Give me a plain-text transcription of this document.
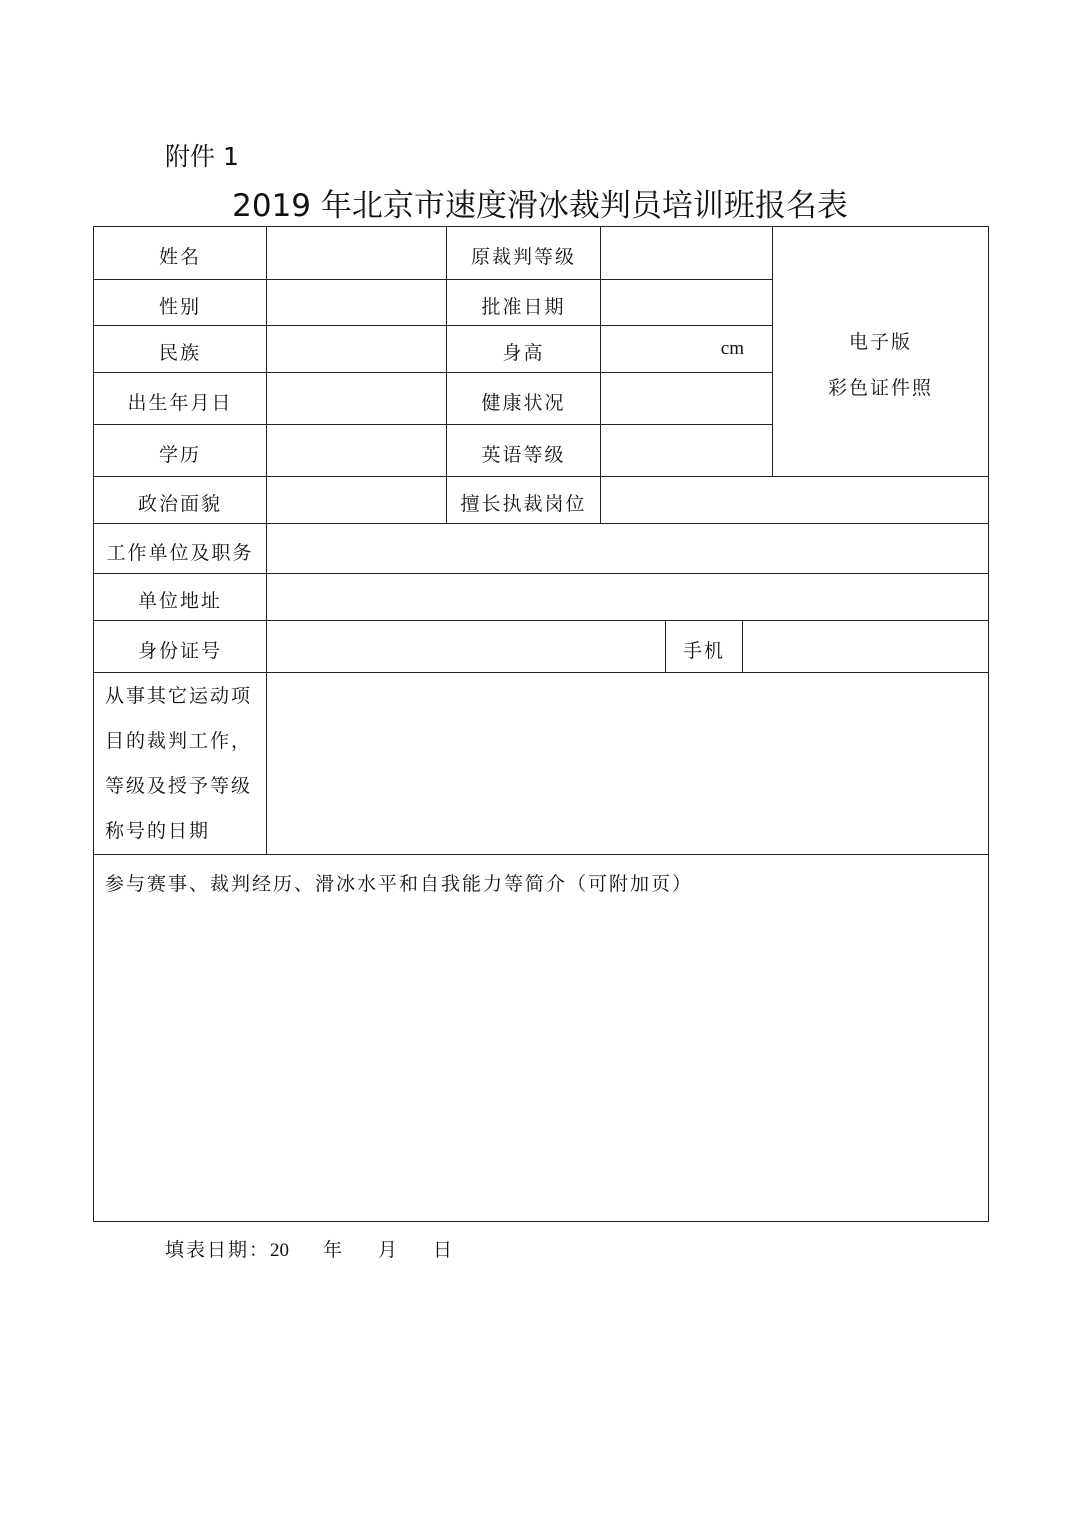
附件 1
2019 年北京市速度滑冰裁判员培训班报名表
姓名		原裁判等级				电子版
彩色证件照

性别		批准日期				
民族		身高	cm			
出生年月日		健康状况				
学历		英语等级				
政治面貌		擅长执裁岗位				
工作单位及职务						
单位地址						
身份证号				手机		

从事其它运动项
目的裁判工作，
等级及授予等级
称号的日期						

参与赛事、裁判经历、滑冰水平和自我能力等简介（可附加页）						
填表日期：20 年 月 日
